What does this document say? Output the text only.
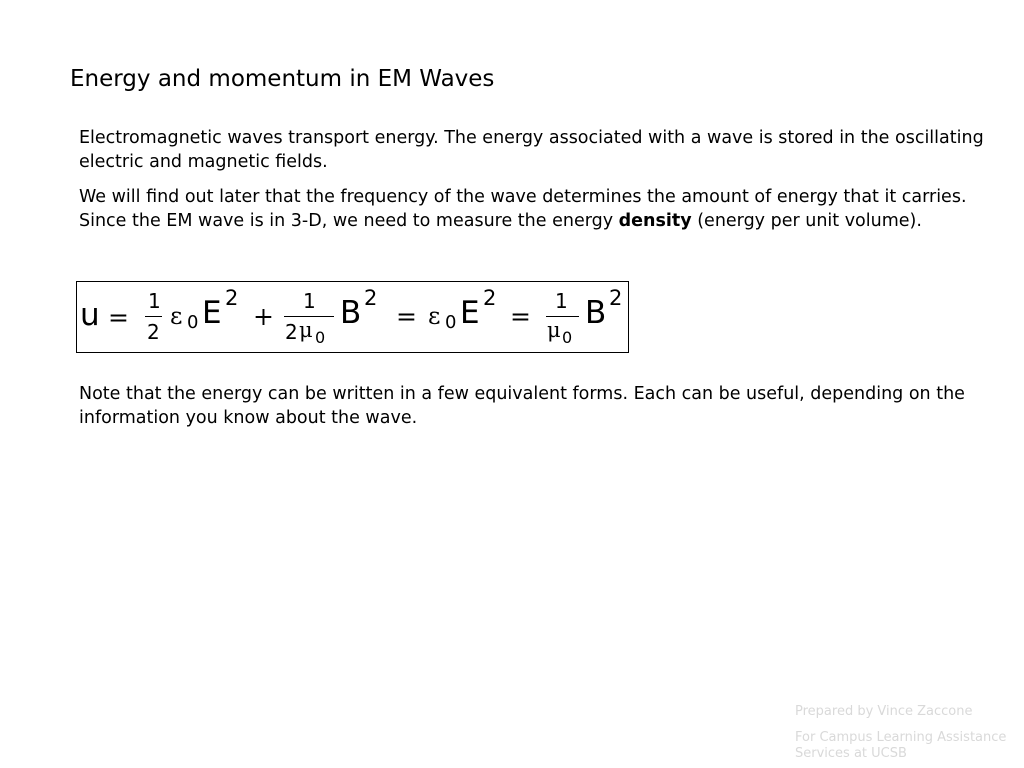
Energy and momentum in EM Waves

Electromagnetic waves transport energy. The energy associated with a wave is stored in the oscillating electric and magnetic fields.

We will find out later that the frequency of the wave determines the amount of energy that it carries. Since the EM wave is in 3-D, we need to measure the energy density (energy per unit volume).

u =
1
2
ε 0 E 2
+
1
2 μ 0
B 2
= ε 0 E 2
=
1
μ 0
B 2

Note that the energy can be written in a few equivalent forms. Each can be useful, depending on the information you know about the wave.

Prepared by Vince Zaccone

For Campus Learning Assistance Services at UCSB
